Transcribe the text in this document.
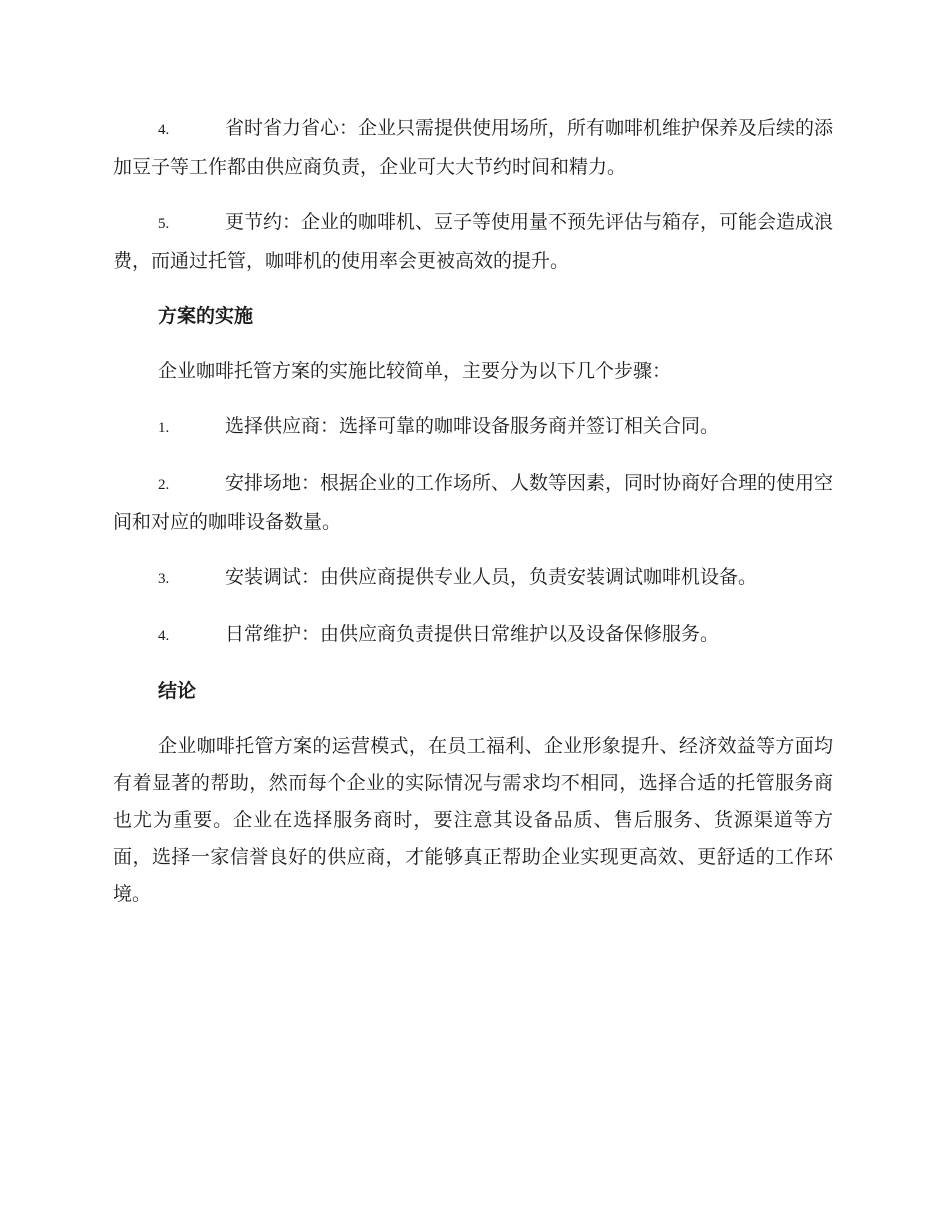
4.	省时省力省心：企业只需提供使用场所，所有咖啡机维护保养及后续的添加豆子等工作都由供应商负责，企业可大大节约时间和精力。
5.	更节约：企业的咖啡机、豆子等使用量不预先评估与箱存，可能会造成浪费，而通过托管，咖啡机的使用率会更被高效的提升。
方案的实施
企业咖啡托管方案的实施比较简单，主要分为以下几个步骤：
1.	选择供应商：选择可靠的咖啡设备服务商并签订相关合同。
2.	安排场地：根据企业的工作场所、人数等因素，同时协商好合理的使用空间和对应的咖啡设备数量。
3.	安装调试：由供应商提供专业人员，负责安装调试咖啡机设备。
4.	日常维护：由供应商负责提供日常维护以及设备保修服务。
结论
企业咖啡托管方案的运营模式，在员工福利、企业形象提升、经济效益等方面均有着显著的帮助，然而每个企业的实际情况与需求均不相同，选择合适的托管服务商也尤为重要。企业在选择服务商时，要注意其设备品质、售后服务、货源渠道等方面，选择一家信誉良好的供应商，才能够真正帮助企业实现更高效、更舒适的工作环境。
